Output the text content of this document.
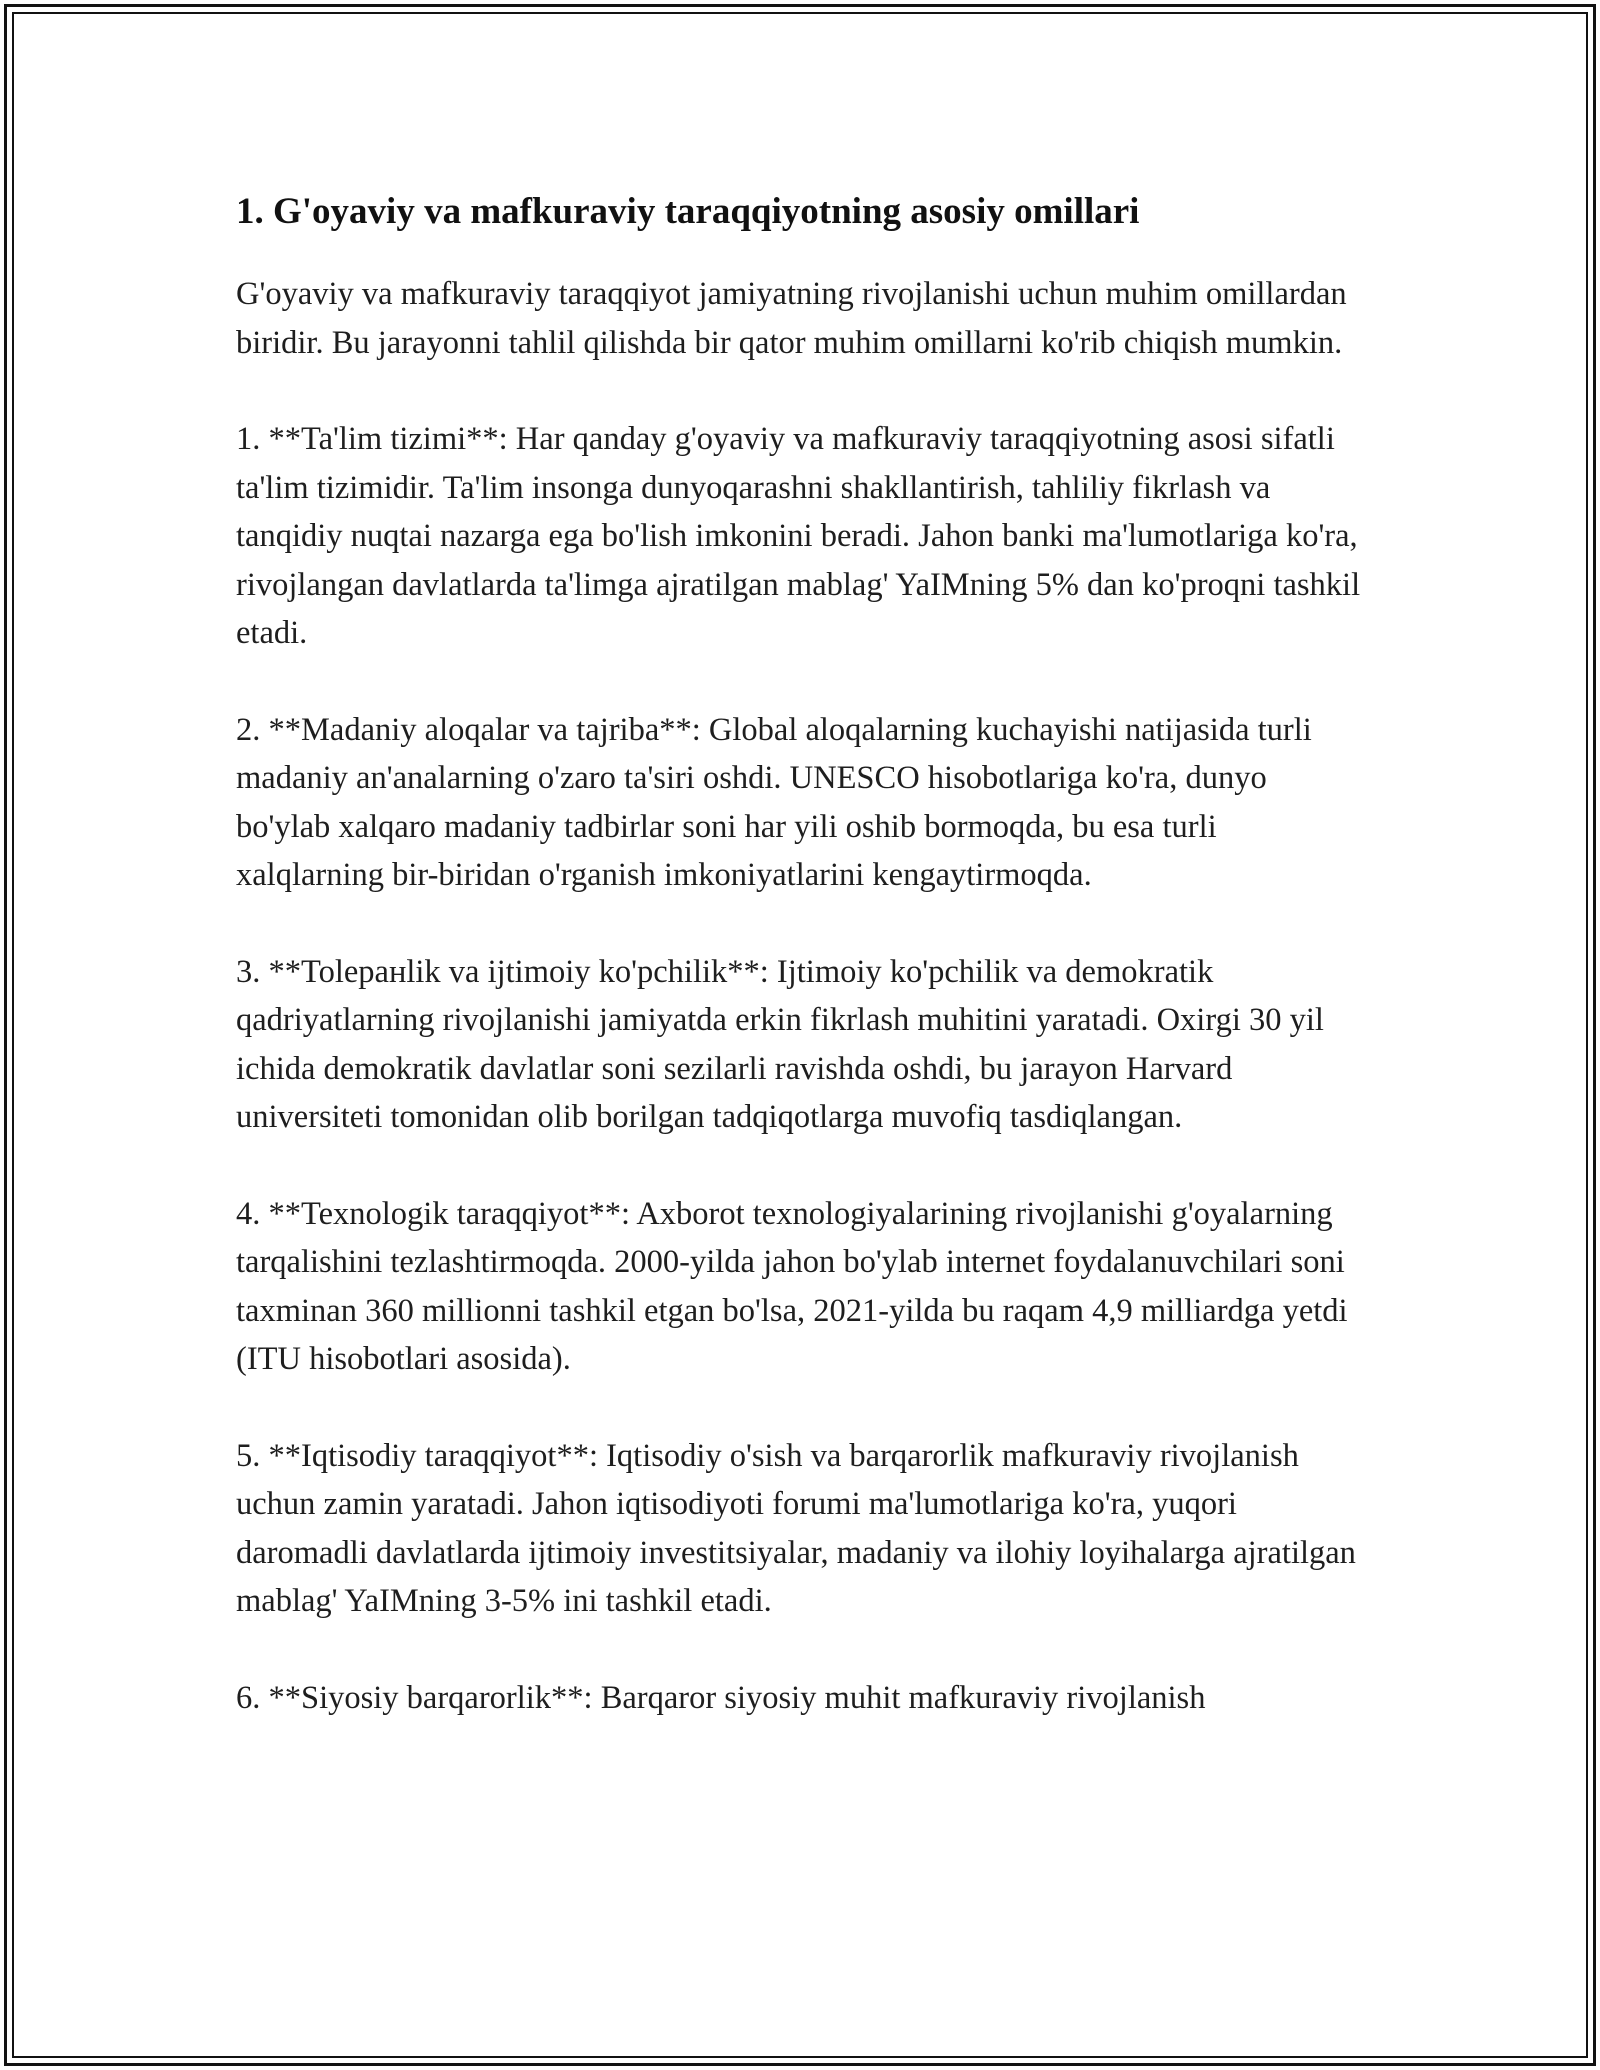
1. G'oyaviy va mafkuraviy taraqqiyotning asosiy omillari

G'oyaviy va mafkuraviy taraqqiyot jamiyatning rivojlanishi uchun muhim omillardan biridir. Bu jarayonni tahlil qilishda bir qator muhim omillarni ko'rib chiqish mumkin.

1. **Ta'lim tizimi**: Har qanday g'oyaviy va mafkuraviy taraqqiyotning asosi sifatli ta'lim tizimidir. Ta'lim insonga dunyoqarashni shakllantirish, tahliliy fikrlash va tanqidiy nuqtai nazarga ega bo'lish imkonini beradi. Jahon banki ma'lumotlariga ko'ra, rivojlangan davlatlarda ta'limga ajratilgan mablag' YaIMning 5% dan ko'proqni tashkil etadi.

2. **Madaniy aloqalar va tajriba**: Global aloqalarning kuchayishi natijasida turli madaniy an'analarning o'zaro ta'siri oshdi. UNESCO hisobotlariga ko'ra, dunyo bo'ylab xalqaro madaniy tadbirlar soni har yili oshib bormoqda, bu esa turli xalqlarning bir-biridan o'rganish imkoniyatlarini kengaytirmoqda.

3. **Tolepaнlik va ijtimoiy ko'pchilik**: Ijtimoiy ko'pchilik va demokratik qadriyatlarning rivojlanishi jamiyatda erkin fikrlash muhitini yaratadi. Oxirgi 30 yil ichida demokratik davlatlar soni sezilarli ravishda oshdi, bu jarayon Harvard universiteti tomonidan olib borilgan tadqiqotlarga muvofiq tasdiqlangan.

4. **Texnologik taraqqiyot**: Axborot texnologiyalarining rivojlanishi g'oyalarning tarqalishini tezlashtirmoqda. 2000-yilda jahon bo'ylab internet foydalanuvchilari soni taxminan 360 millionni tashkil etgan bo'lsa, 2021-yilda bu raqam 4,9 milliardga yetdi (ITU hisobotlari asosida).

5. **Iqtisodiy taraqqiyot**: Iqtisodiy o'sish va barqarorlik mafkuraviy rivojlanish uchun zamin yaratadi. Jahon iqtisodiyoti forumi ma'lumotlariga ko'ra, yuqori daromadli davlatlarda ijtimoiy investitsiyalar, madaniy va ilohiy loyihalarga ajratilgan mablag' YaIMning 3-5% ini tashkil etadi.

6. **Siyosiy barqarorlik**: Barqaror siyosiy muhit mafkuraviy rivojlanish
